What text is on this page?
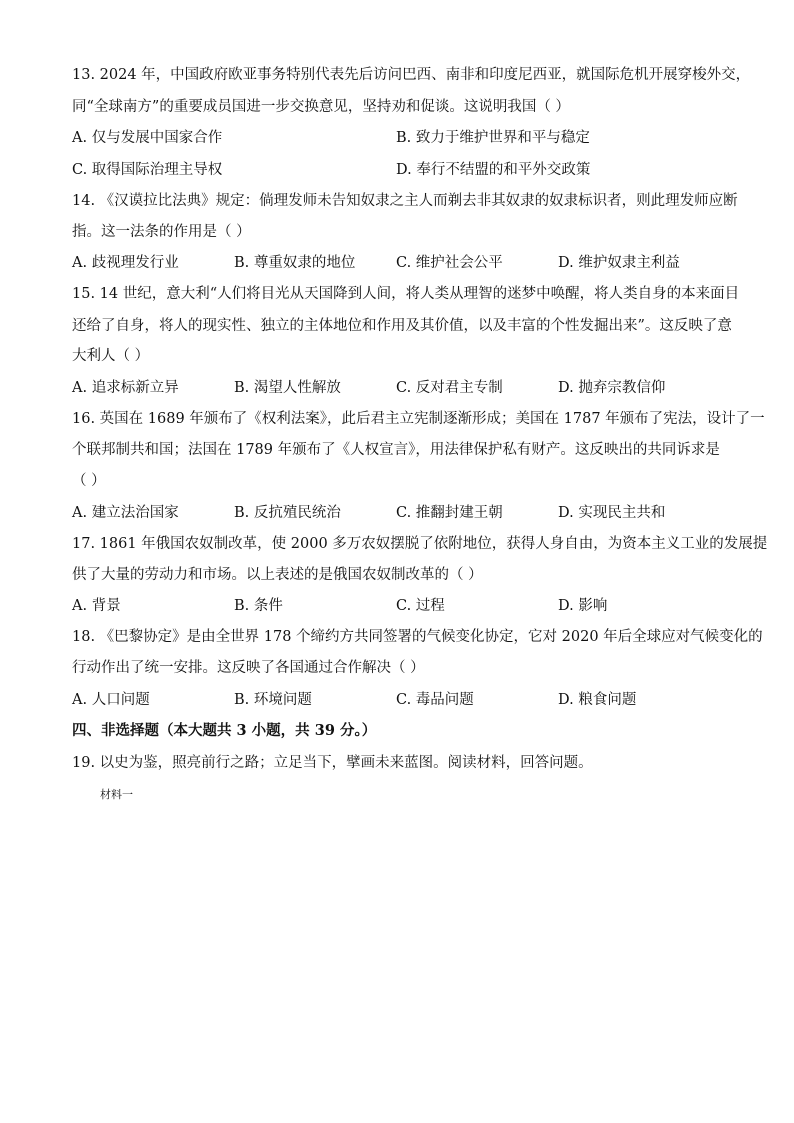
13. 2024 年，中国政府欧亚事务特别代表先后访问巴西、南非和印度尼西亚，就国际危机开展穿梭外交，
同“全球南方”的重要成员国进一步交换意见，坚持劝和促谈。这说明我国（ ）
A. 仅与发展中国家合作	B. 致力于维护世界和平与稳定
C. 取得国际治理主导权	D. 奉行不结盟的和平外交政策
14. 《汉谟拉比法典》规定：倘理发师未告知奴隶之主人而剃去非其奴隶的奴隶标识者，则此理发师应断
指。这一法条的作用是（ ）
A. 歧视理发行业	B. 尊重奴隶的地位	C. 维护社会公平	D. 维护奴隶主利益
15. 14 世纪，意大利“人们将目光从天国降到人间，将人类从理智的迷梦中唤醒，将人类自身的本来面目
还给了自身，将人的现实性、独立的主体地位和作用及其价值，以及丰富的个性发掘出来”。这反映了意
大利人（ ）
A. 追求标新立异	B. 渴望人性解放	C. 反对君主专制	D. 抛弃宗教信仰
16. 英国在 1689 年颁布了《权利法案》，此后君主立宪制逐渐形成；美国在 1787 年颁布了宪法，设计了一
个联邦制共和国；法国在 1789 年颁布了《人权宣言》，用法律保护私有财产。这反映出的共同诉求是
（ ）
A. 建立法治国家	B. 反抗殖民统治	C. 推翻封建王朝	D. 实现民主共和
17. 1861 年俄国农奴制改革，使 2000 多万农奴摆脱了依附地位，获得人身自由，为资本主义工业的发展提
供了大量的劳动力和市场。以上表述的是俄国农奴制改革的（ ）
A. 背景	B. 条件	C. 过程	D. 影响
18. 《巴黎协定》是由全世界 178 个缔约方共同签署的气候变化协定，它对 2020 年后全球应对气候变化的
行动作出了统一安排。这反映了各国通过合作解决（ ）
A. 人口问题	B. 环境问题	C. 毒品问题	D. 粮食问题
四、非选择题（本大题共 3 小题，共 39 分。）
19. 以史为鉴，照亮前行之路；立足当下，擘画未来蓝图。阅读材料，回答问题。
材料一
